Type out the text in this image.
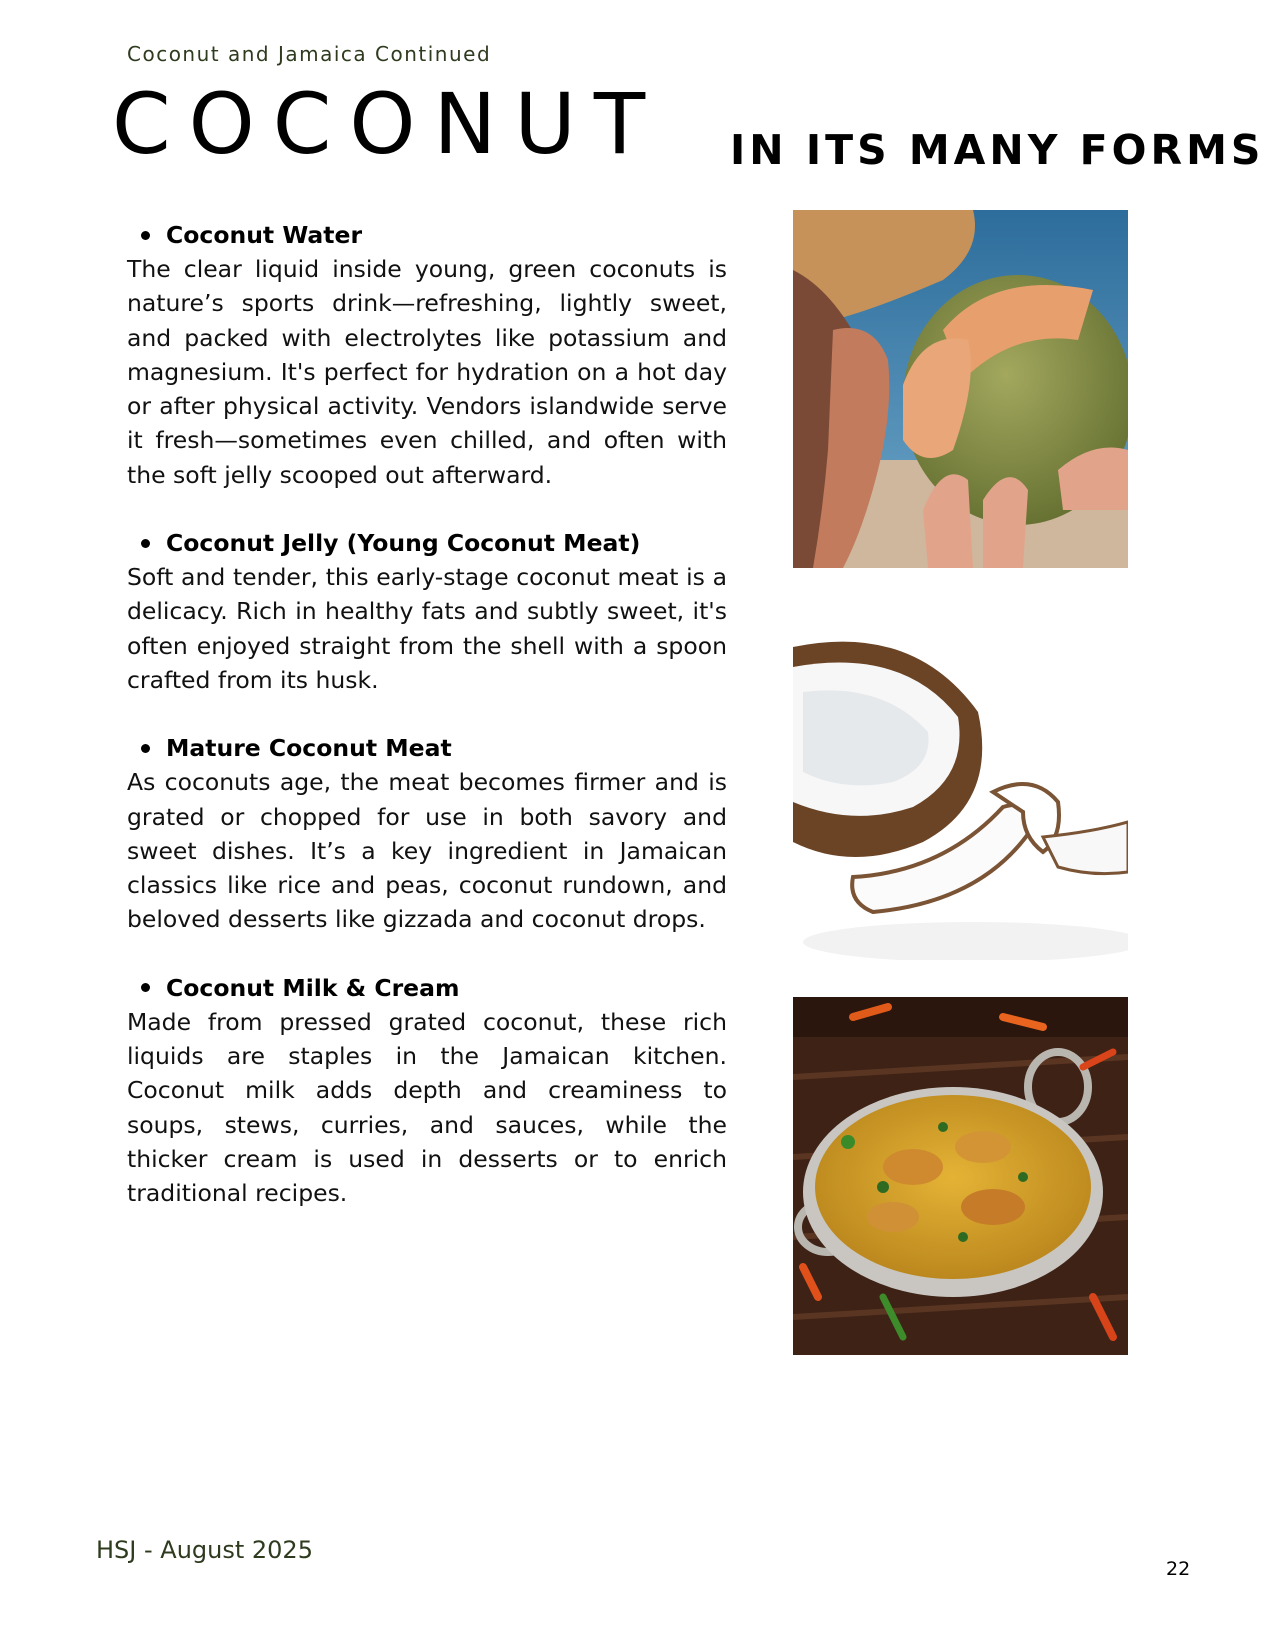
Coconut and Jamaica Continued
COCONUT IN ITS MANY FORMS
Coconut Water

The clear liquid inside young, green coconuts is nature’s sports drink—refreshing, lightly sweet, and packed with electrolytes like potassium and magnesium. It's perfect for hydration on a hot day or after physical activity. Vendors islandwide serve it fresh—sometimes even chilled, and often with the soft jelly scooped out afterward.

Coconut Jelly (Young Coconut Meat)

Soft and tender, this early-stage coconut meat is a delicacy. Rich in healthy fats and subtly sweet, it's often enjoyed straight from the shell with a spoon crafted from its husk.

Mature Coconut Meat

As coconuts age, the meat becomes firmer and is grated or chopped for use in both savory and sweet dishes. It’s a key ingredient in Jamaican classics like rice and peas, coconut rundown, and beloved desserts like gizzada and coconut drops.

Coconut Milk & Cream

Made from pressed grated coconut, these rich liquids are staples in the Jamaican kitchen. Coconut milk adds depth and creaminess to soups, stews, curries, and sauces, while the thicker cream is used in desserts or to enrich traditional recipes.

HSJ - August 2025
22
